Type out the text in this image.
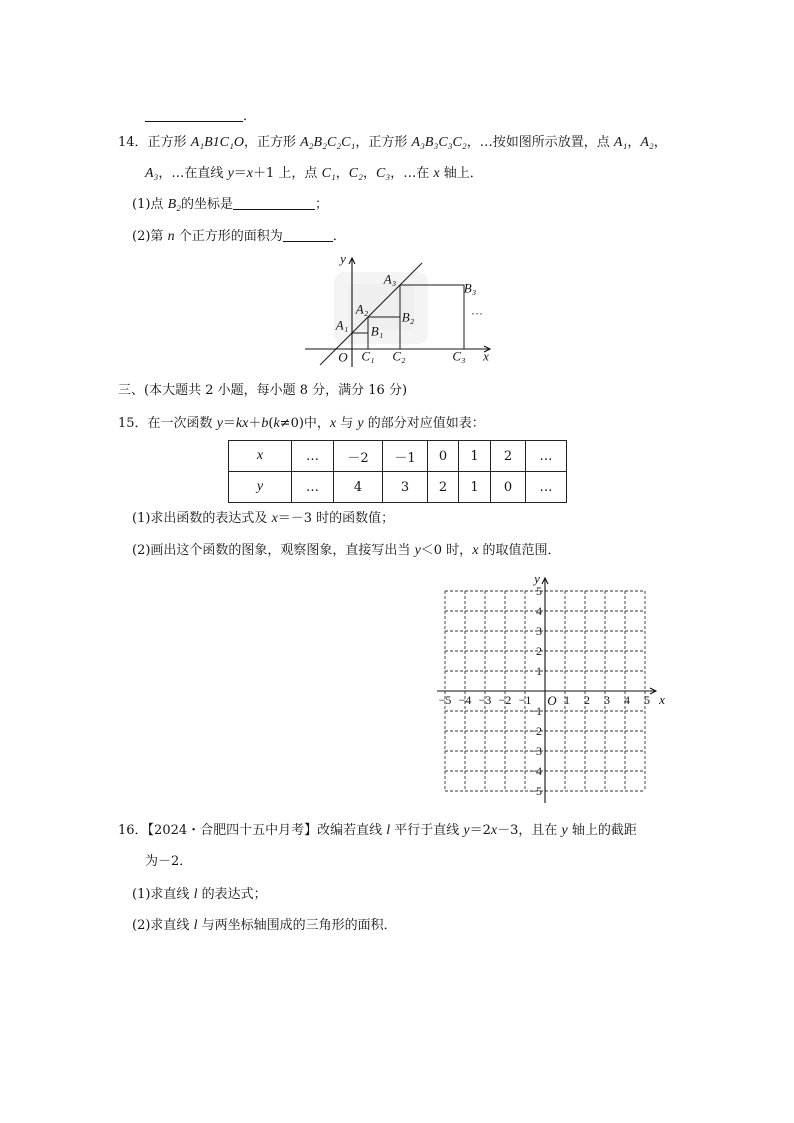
．
14．正方形 A₁B1C₁O，正方形 A₂B₂C₂C₁，正方形 A₃B₃C₃C₂，…按如图所示放置，点 A₁，A₂，
A₃，…在直线 y＝x＋1 上，点 C₁，C₂，C₃，…在 x 轴上．
(1)点 B₂的坐标是	；
(2)第 n 个正方形的面积为	．
y
A₃
B₃
A₂
B₂
A₁ B₁
…
O C₁ C₂	C₃ x
三、(本大题共 2 小题，每小题 8 分，满分 16 分)
15．在一次函数 y＝kx＋b(k≠0)中，x 与 y 的部分对应值如表：
x	…	－2	－1	0	1	2	…
y	…	4	3	2	1	0	…
(1)求出函数的表达式及 x＝－3 时的函数值；
(2)画出这个函数的图象，观察图象，直接写出当 y＜0 时，x 的取值范围．
−5 −4 −3 −2 −1	1 2 3 4 5
1
2
3
4
5
−1
−2
−3
−4
−5
O	x
y
16．【2024・合肥四十五中月考】改编若直线 l 平行于直线 y＝2x－3，且在 y 轴上的截距
为－2．
(1)求直线 l 的表达式；
(2)求直线 l 与两坐标轴围成的三角形的面积．
